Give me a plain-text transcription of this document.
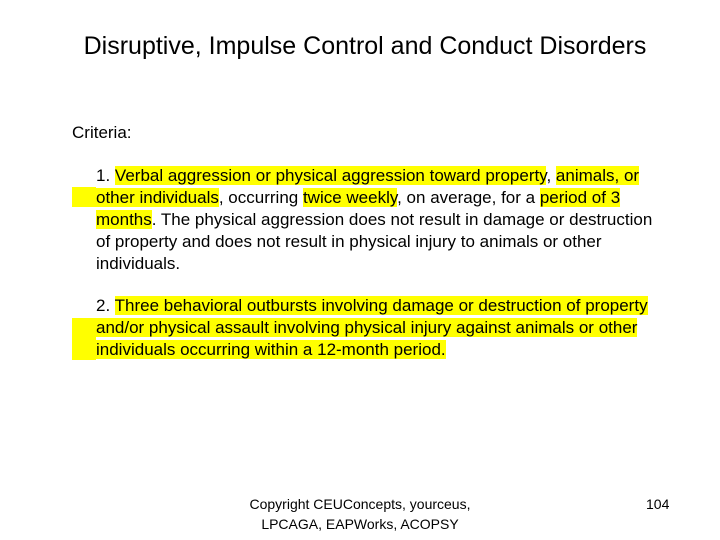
Disruptive, Impulse Control and Conduct Disorders
Criteria:
1. Verbal aggression or physical aggression toward property, animals, or other individuals, occurring twice weekly, on average, for a period of 3 months. The physical aggression does not result in damage or destruction of property and does not result in physical injury to animals or other individuals.
2. Three behavioral outbursts involving damage or destruction of property and/or physical assault involving physical injury against animals or other individuals occurring within a 12-month period.
Copyright CEUConcepts, yourceus, LPCAGA, EAPWorks, ACOPSY
104
